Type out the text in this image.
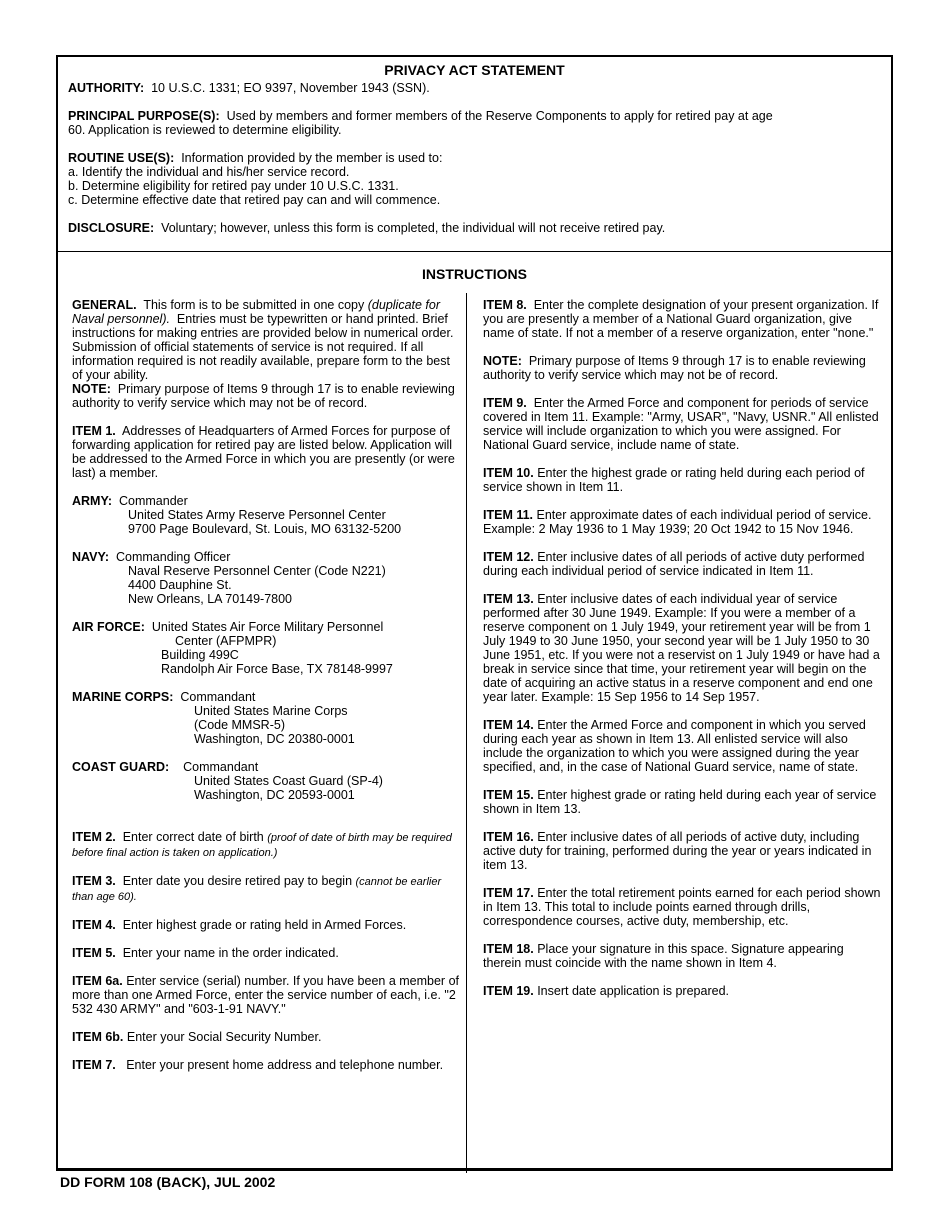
PRIVACY ACT STATEMENT

AUTHORITY: 10 U.S.C. 1331; EO 9397, November 1943 (SSN).

PRINCIPAL PURPOSE(S): Used by members and former members of the Reserve Components to apply for retired pay at age

60. Application is reviewed to determine eligibility.

ROUTINE USE(S): Information provided by the member is used to:

a. Identify the individual and his/her service record.

b. Determine eligibility for retired pay under 10 U.S.C. 1331.

c. Determine effective date that retired pay can and will commence.

DISCLOSURE: Voluntary; however, unless this form is completed, the individual will not receive retired pay.

INSTRUCTIONS

GENERAL. This form is to be submitted in one copy (duplicate for Naval personnel). Entries must be typewritten or hand printed. Brief instructions for making entries are provided below in numerical order. Submission of official statements of service is not required. If all information required is not readily available, prepare form to the best of your ability.

NOTE: Primary purpose of Items 9 through 17 is to enable reviewing authority to verify service which may not be of record.

ITEM 1. Addresses of Headquarters of Armed Forces for purpose of forwarding application for retired pay are listed below. Application will be addressed to the Armed Force in which you are presently (or were last) a member.

ARMY: Commander
United States Army Reserve Personnel Center
9700 Page Boulevard, St. Louis, MO 63132-5200
NAVY: Commanding Officer
Naval Reserve Personnel Center (Code N221)
4400 Dauphine St.
New Orleans, LA 70149-7800
AIR FORCE: United States Air Force Military Personnel
Center (AFPMPR)
Building 499C
Randolph Air Force Base, TX 78148-9997
MARINE CORPS: Commandant
United States Marine Corps
(Code MMSR-5)
Washington, DC 20380-0001
COAST GUARD: Commandant
United States Coast Guard (SP-4)
Washington, DC 20593-0001

ITEM 2. Enter correct date of birth (proof of date of birth may be required before final action is taken on application.)

ITEM 3. Enter date you desire retired pay to begin (cannot be earlier than age 60).

ITEM 4. Enter highest grade or rating held in Armed Forces.

ITEM 5. Enter your name in the order indicated.

ITEM 6a. Enter service (serial) number. If you have been a member of more than one Armed Force, enter the service number of each, i.e. "2 532 430 ARMY" and "603-1-91 NAVY."

ITEM 6b. Enter your Social Security Number.

ITEM 7. Enter your present home address and telephone number.

ITEM 8. Enter the complete designation of your present organization. If you are presently a member of a National Guard organization, give name of state. If not a member of a reserve organization, enter "none."

NOTE: Primary purpose of Items 9 through 17 is to enable reviewing authority to verify service which may not be of record.

ITEM 9. Enter the Armed Force and component for periods of service covered in Item 11. Example: "Army, USAR", "Navy, USNR." All enlisted service will include organization to which you were assigned. For National Guard service, include name of state.

ITEM 10. Enter the highest grade or rating held during each period of service shown in Item 11.

ITEM 11. Enter approximate dates of each individual period of service. Example: 2 May 1936 to 1 May 1939; 20 Oct 1942 to 15 Nov 1946.

ITEM 12. Enter inclusive dates of all periods of active duty performed during each individual period of service indicated in Item 11.

ITEM 13. Enter inclusive dates of each individual year of service performed after 30 June 1949. Example: If you were a member of a reserve component on 1 July 1949, your retirement year will be from 1 July 1949 to 30 June 1950, your second year will be 1 July 1950 to 30 June 1951, etc. If you were not a reservist on 1 July 1949 or have had a break in service since that time, your retirement year will begin on the date of acquiring an active status in a reserve component and end one year later. Example: 15 Sep 1956 to 14 Sep 1957.

ITEM 14. Enter the Armed Force and component in which you served during each year as shown in Item 13. All enlisted service will also include the organization to which you were assigned during the year specified, and, in the case of National Guard service, name of state.

ITEM 15. Enter highest grade or rating held during each year of service shown in Item 13.

ITEM 16. Enter inclusive dates of all periods of active duty, including active duty for training, performed during the year or years indicated in item 13.

ITEM 17. Enter the total retirement points earned for each period shown in Item 13. This total to include points earned through drills, correspondence courses, active duty, membership, etc.

ITEM 18. Place your signature in this space. Signature appearing therein must coincide with the name shown in Item 4.

ITEM 19. Insert date application is prepared.

DD FORM 108 (BACK), JUL 2002
